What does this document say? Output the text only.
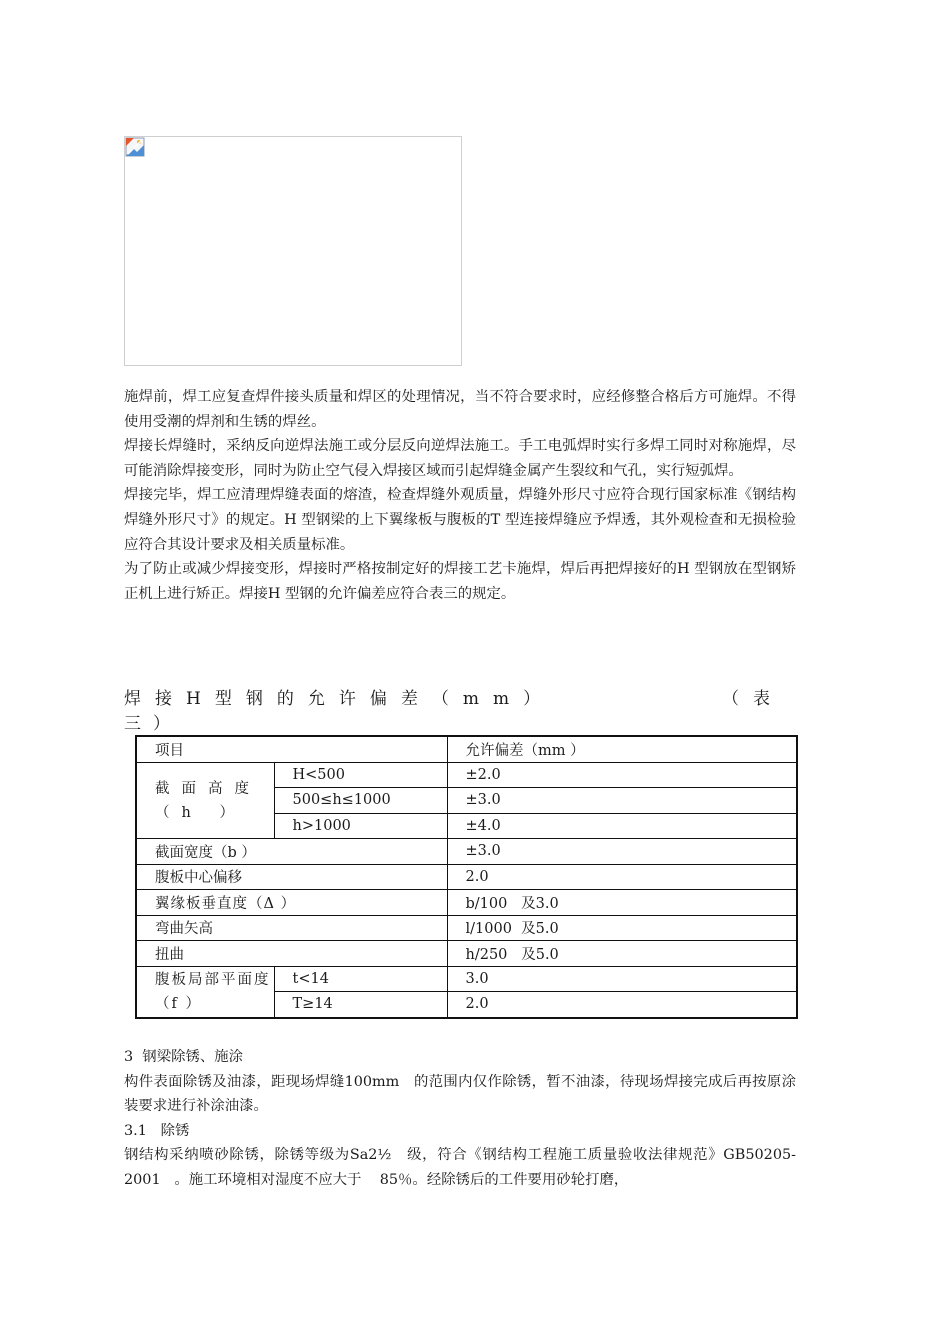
施焊前，焊工应复查焊件接头质量和焊区的处理情况，当不符合要求时，应经修整合格后方可施焊。不得使用受潮的焊剂和生锈的焊丝。

焊接长焊缝时，采纳反向逆焊法施工或分层反向逆焊法施工。手工电弧焊时实行多焊工同时对称施焊，尽可能消除焊接变形，同时为防止空气侵入焊接区域而引起焊缝金属产生裂纹和气孔，实行短弧焊。

焊接完毕，焊工应清理焊缝表面的熔渣，检查焊缝外观质量，焊缝外形尺寸应符合现行国家标准《钢结构焊缝外形尺寸》的规定。H 型钢梁的上下翼缘板与腹板的T 型连接焊缝应予焊透，其外观检查和无损检验应符合其设计要求及相关质量标准。

为了防止或减少焊接变形，焊接时严格按制定好的焊接工艺卡施焊，焊后再把焊接好的H 型钢放在型钢矫正机上进行矫正。焊接H 型钢的允许偏差应符合表三的规定。

焊接H型钢的允许偏差（mm）	（表
三）
项目		允许偏差（mm ）
截面高度（h ）	H<500	±2.0
	500≤h≤1000	±3.0
	h>1000	±4.0
截面宽度（b ）		±3.0
腹板中心偏移		2.0
翼缘板垂直度（Δ ）		b/100   及3.0
弯曲矢高		l/1000  及5.0
扭曲		h/250   及5.0
腹板局部平面度（f ）	t<14	3.0
	T≥14	2.0

3  钢梁除锈、施涂

构件表面除锈及油漆，距现场焊缝100mm   的范围内仅作除锈，暂不油漆，待现场焊接完成后再按原涂装要求进行补涂油漆。

3.1   除锈

钢结构采纳喷砂除锈，除锈等级为Sa2½   级，符合《钢结构工程施工质量验收法律规范》GB50205-2001   。施工环境相对湿度不应大于    85％。经除锈后的工件要用砂轮打磨，
